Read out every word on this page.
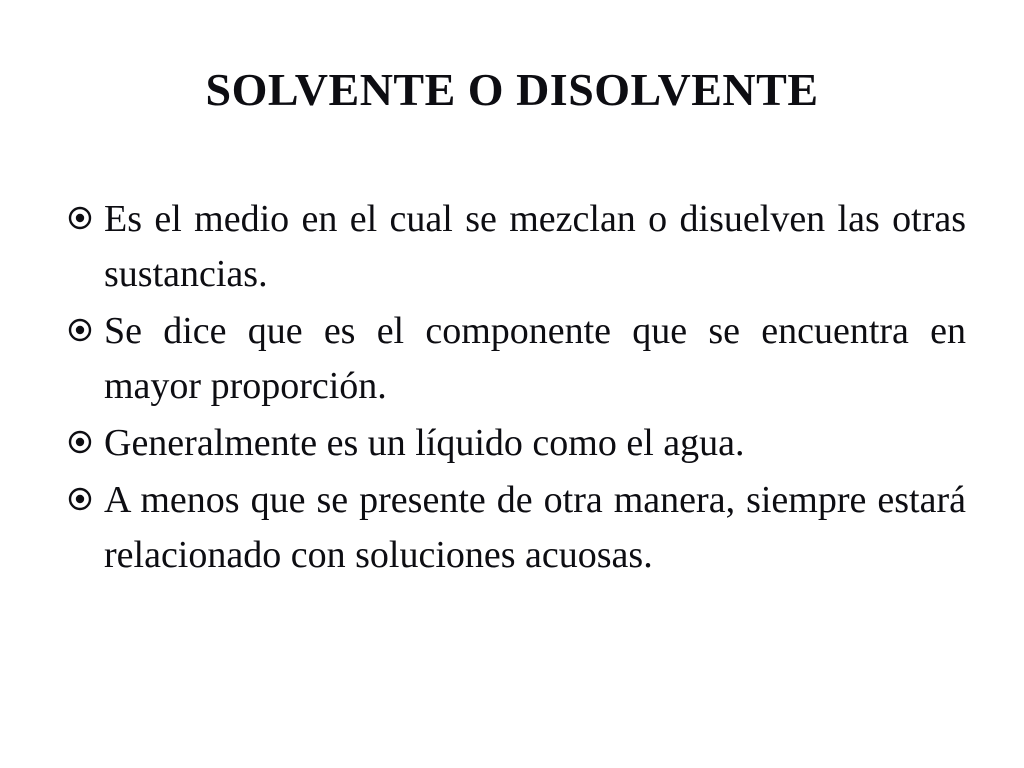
SOLVENTE O DISOLVENTE
Es el medio en el cual se mezclan o disuelven las otras sustancias.
Se dice que es el componente que se encuentra en mayor proporción.
Generalmente es un líquido como el agua.
A menos que se presente de otra manera, siempre estará relacionado con soluciones acuosas.
